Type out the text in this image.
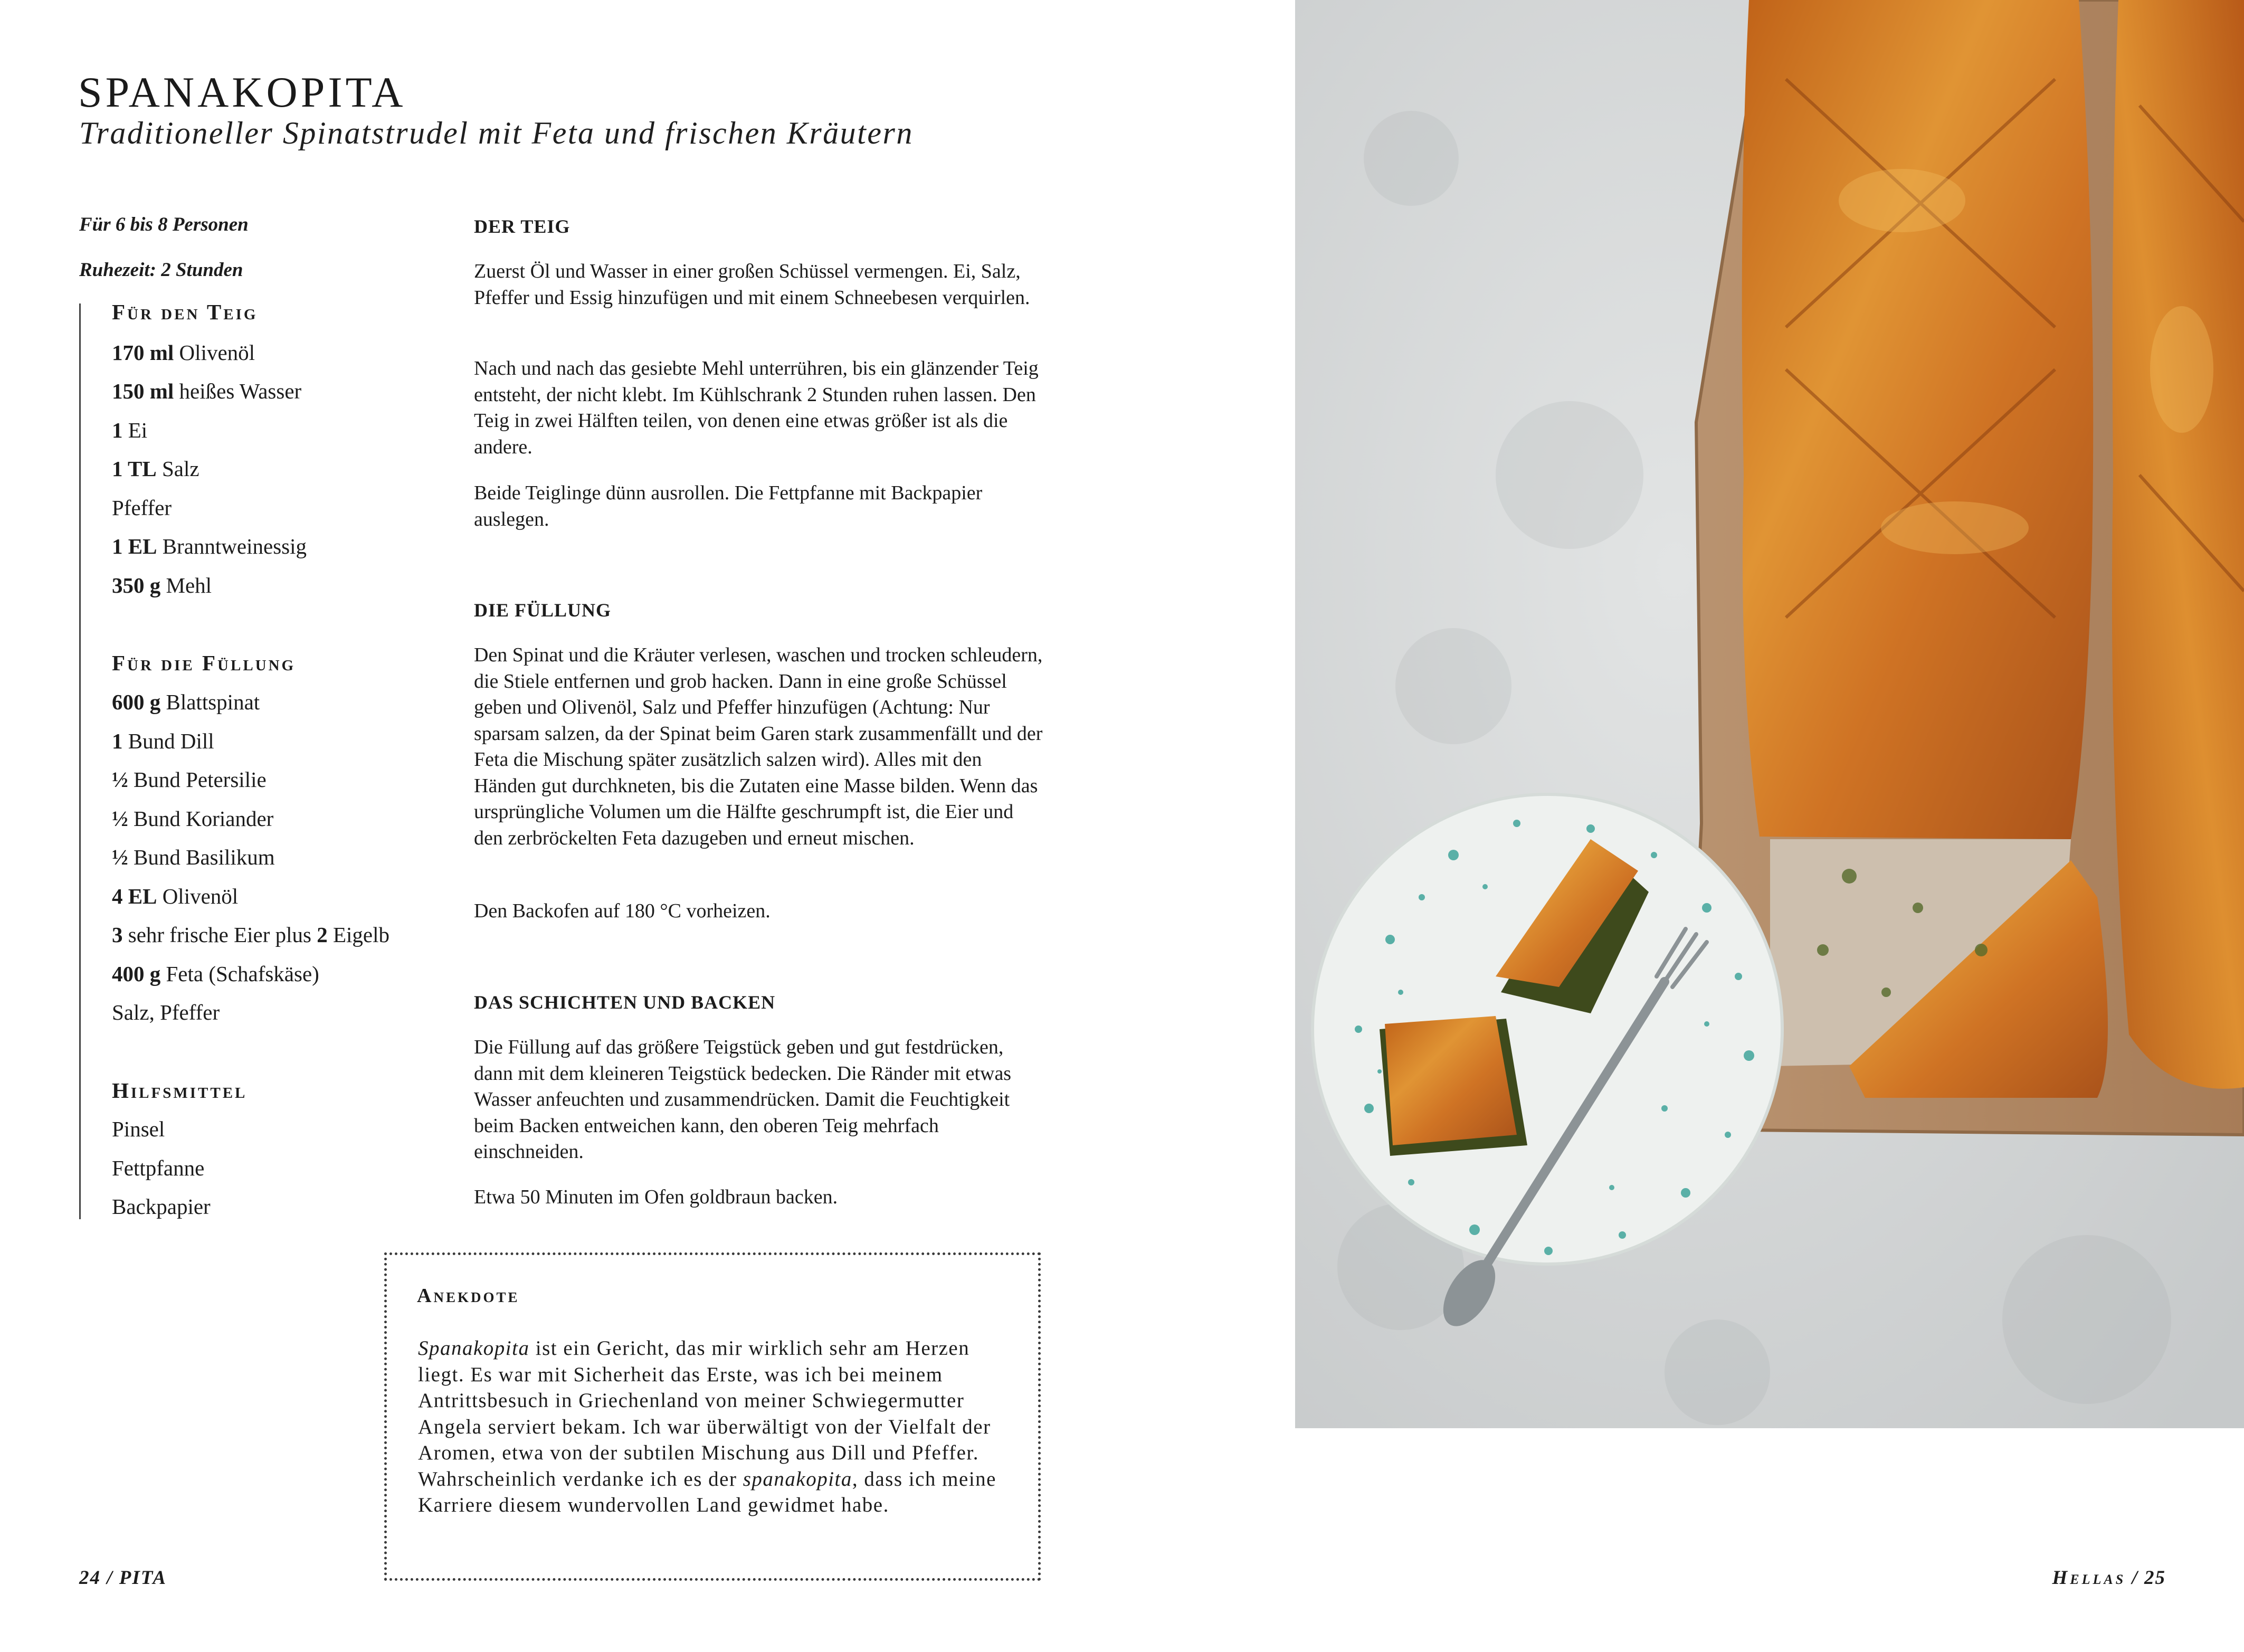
SPANAKOPITA
Traditioneller Spinatstrudel mit Feta und frischen Kräutern
Für 6 bis 8 Personen
Ruhezeit: 2 Stunden
Für den Teig
170 ml Olivenöl
150 ml heißes Wasser
1 Ei
1 TL Salz
Pfeffer
1 EL Branntweinessig
350 g Mehl
Für die Füllung
600 g Blattspinat
1 Bund Dill
½ Bund Petersilie
½ Bund Koriander
½ Bund Basilikum
4 EL Olivenöl
3 sehr frische Eier plus 2 Eigelb
400 g Feta (Schafskäse)
Salz, Pfeffer
Hilfsmittel
Pinsel
Fettpfanne
Backpapier
DER TEIG
Zuerst Öl und Wasser in einer großen Schüssel vermengen. Ei, Salz, Pfeffer und Essig hinzufügen und mit einem Schneebesen verquirlen.
Nach und nach das gesiebte Mehl unterrühren, bis ein glänzender Teig entsteht, der nicht klebt. Im Kühlschrank 2 Stunden ruhen lassen. Den Teig in zwei Hälften teilen, von denen eine etwas größer ist als die andere.
Beide Teiglinge dünn ausrollen. Die Fettpfanne mit Backpapier auslegen.
DIE FÜLLUNG
Den Spinat und die Kräuter verlesen, waschen und trocken schleudern, die Stiele entfernen und grob hacken. Dann in eine große Schüssel geben und Olivenöl, Salz und Pfeffer hinzufügen (Achtung: Nur sparsam salzen, da der Spinat beim Garen stark zusammenfällt und der Feta die Mischung später zusätzlich salzen wird). Alles mit den Händen gut durchkneten, bis die Zutaten eine Masse bilden. Wenn das ursprüngliche Volumen um die Hälfte geschrumpft ist, die Eier und den zerbröckelten Feta dazugeben und erneut mischen.
Den Backofen auf 180 °C vorheizen.
DAS SCHICHTEN UND BACKEN
Die Füllung auf das größere Teigstück geben und gut festdrücken, dann mit dem kleineren Teigstück bedecken. Die Ränder mit etwas Wasser anfeuchten und zusammendrücken. Damit die Feuchtigkeit beim Backen entweichen kann, den oberen Teig mehrfach einschneiden.
Etwa 50 Minuten im Ofen goldbraun backen.
Anekdote
Spanakopita ist ein Gericht, das mir wirklich sehr am Herzen liegt. Es war mit Sicherheit das Erste, was ich bei meinem Antrittsbesuch in Griechenland von meiner Schwiegermutter Angela serviert bekam. Ich war überwältigt von der Vielfalt der Aromen, etwa von der subtilen Mischung aus Dill und Pfeffer. Wahrscheinlich verdanke ich es der spanakopita, dass ich meine Karriere diesem wundervollen Land gewidmet habe.
24 / PITA	Hellas / 25
